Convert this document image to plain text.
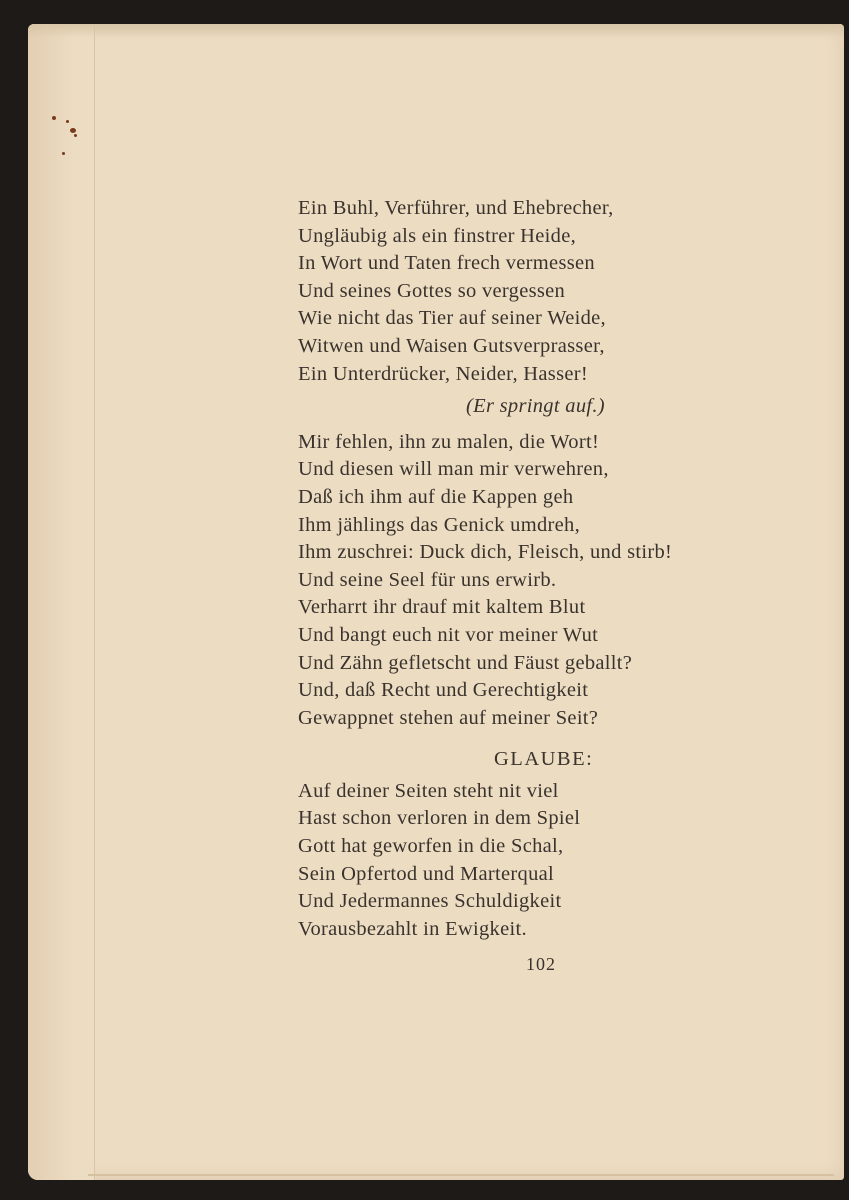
Ein Buhl, Verführer, und Ehebrecher,
Ungläubig als ein finstrer Heide,
In Wort und Taten frech vermessen
Und seines Gottes so vergessen
Wie nicht das Tier auf seiner Weide,
Witwen und Waisen Gutsverprasser,
Ein Unterdrücker, Neider, Hasser!
(Er springt auf.)
Mir fehlen, ihn zu malen, die Wort!
Und diesen will man mir verwehren,
Daß ich ihm auf die Kappen geh
Ihm jählings das Genick umdreh,
Ihm zuschrei: Duck dich, Fleisch, und stirb!
Und seine Seel für uns erwirb.
Verharrt ihr drauf mit kaltem Blut
Und bangt euch nit vor meiner Wut
Und Zähn gefletscht und Fäust geballt?
Und, daß Recht und Gerechtigkeit
Gewappnet stehen auf meiner Seit?
GLAUBE:
Auf deiner Seiten steht nit viel
Hast schon verloren in dem Spiel
Gott hat geworfen in die Schal,
Sein Opfertod und Marterqual
Und Jedermannes Schuldigkeit
Vorausbezahlt in Ewigkeit.
102
